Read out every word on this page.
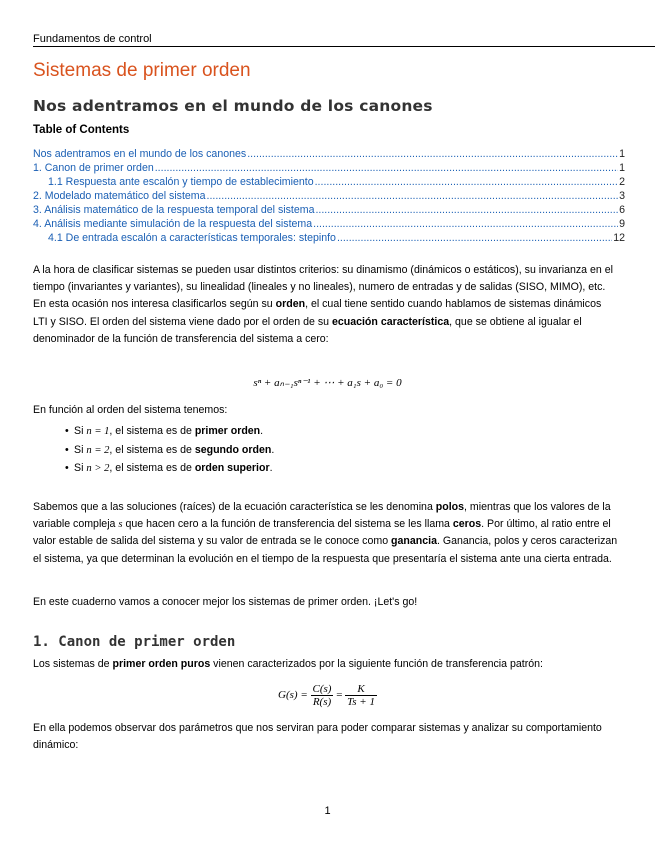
Fundamentos de control
Sistemas de primer orden
Nos adentramos en el mundo de los canones
Table of Contents
Nos adentramos en el mundo de los canones .....	1
1. Canon de primer orden .....	1
1.1 Respuesta ante escalón y tiempo de establecimiento .....	2
2. Modelado matemático del sistema .....	3
3. Análisis matemático de la respuesta temporal del sistema .....	6
4. Análisis mediante simulación de la respuesta del sistema .....	9
4.1 De entrada escalón a características temporales: stepinfo .....	12

A la hora de clasificar sistemas se pueden usar distintos criterios: su dinamismo (dinámicos o estáticos), su invarianza en el tiempo (invariantes y variantes), su linealidad (lineales y no lineales), numero de entradas y de salidas (SISO, MIMO), etc. En esta ocasión nos interesa clasificarlos según su orden, el cual tiene sentido cuando hablamos de sistemas dinámicos LTI y SISO. El orden del sistema viene dado por el orden de su ecuación característica, que se obtiene al igualar el denominador de la función de transferencia del sistema a cero:

sⁿ + aₙ₋₁sⁿ⁻¹ + ⋯ + a₁s + a₀ = 0

En función al orden del sistema tenemos:

• Si n = 1, el sistema es de primer orden.
• Si n = 2, el sistema es de segundo orden.
• Si n > 2, el sistema es de orden superior.

Sabemos que a las soluciones (raíces) de la ecuación característica se les denomina polos, mientras que los valores de la variable compleja s que hacen cero a la función de transferencia del sistema se les llama ceros. Por último, al ratio entre el valor estable de salida del sistema y su valor de entrada se le conoce como ganancia. Ganancia, polos y ceros caracterizan el sistema, ya que determinan la evolución en el tiempo de la respuesta que presentaría el sistema ante una cierta entrada.

En este cuaderno vamos a conocer mejor los sistemas de primer orden. ¡Let's go!

1. Canon de primer orden

Los sistemas de primer orden puros vienen caracterizados por la siguiente función de transferencia patrón:

$G(s) = \frac{C(s)}{R(s)} = \frac{K}{Ts + 1}$

En ella podemos observar dos parámetros que nos serviran para poder comparar sistemas y analizar su comportamiento dinámico:

1
